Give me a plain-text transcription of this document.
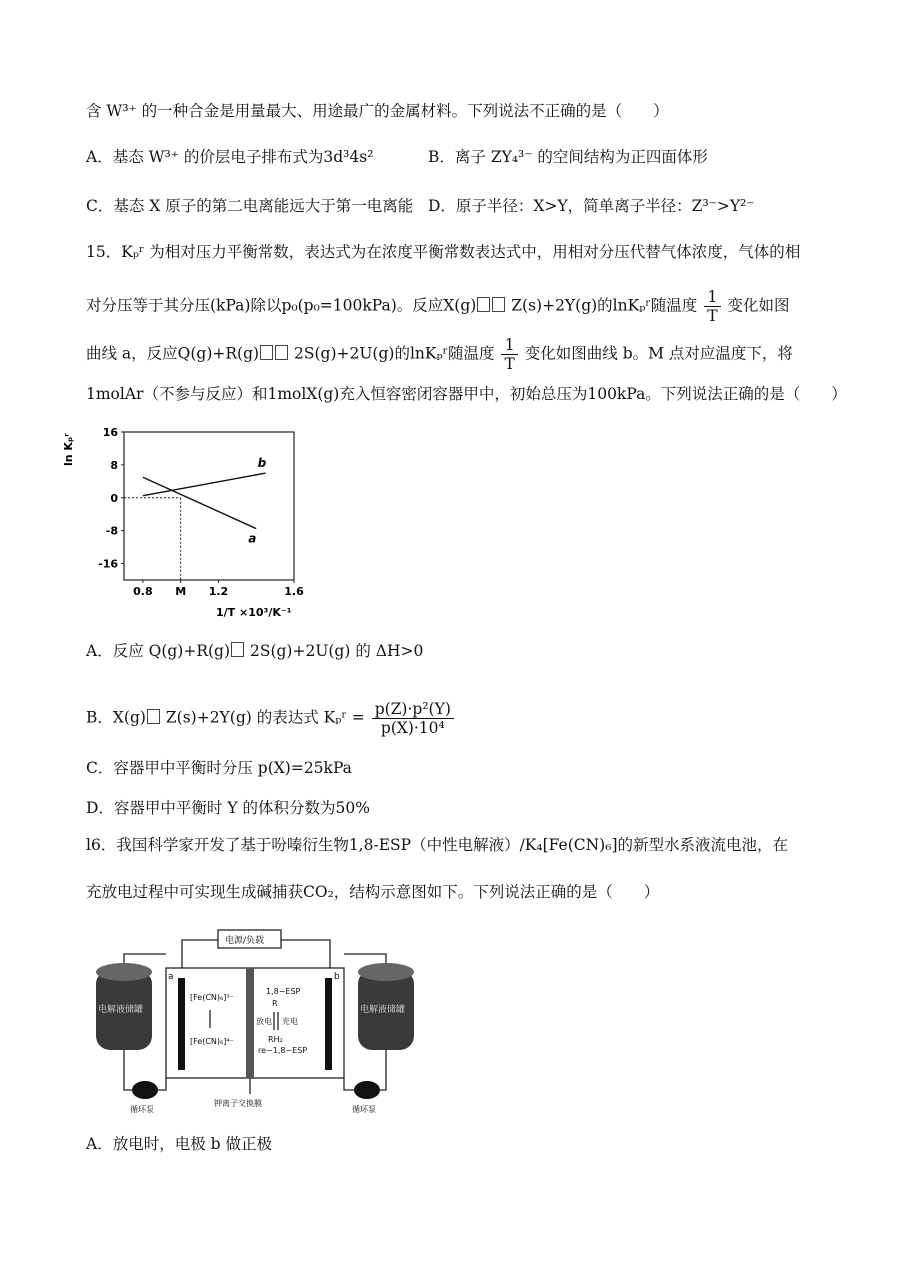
含 W³⁺ 的一种合金是用量最大、用途最广的金属材料。下列说法不正确的是（　　）
A．基态 W³⁺ 的价层电子排布式为3d³4s²	B．离子 ZY₄³⁻ 的空间结构为正四面体形
C．基态 X 原子的第二电离能远大于第一电离能 D．原子半径：X>Y，简单离子半径：Z³⁻>Y²⁻
15．Kₚʳ 为相对压力平衡常数，表达式为在浓度平衡常数表达式中，用相对分压代替气体浓度，气体的相
对分压等于其分压(kPa)除以p₀(p₀=100kPa)。反应X(g) Z(s)+2Y(g)的lnKₚʳ随温度 $\frac{1}{T}$ 变化如图
曲线 a，反应Q(g)+R(g) 2S(g)+2U(g)的lnKₚʳ随温度 $\frac{1}{T}$ 变化如图曲线 b。M 点对应温度下，将
1molAr（不参与反应）和1molX(g)充入恒容密闭容器甲中，初始总压为100kPa。下列说法正确的是（　　）
ln Kₚʳ
16
8
0
-8
-16
0.8 M 1.2	1.6
a
b
1/T ×10³/K⁻¹
A．反应 Q(g)+R(g) 2S(g)+2U(g) 的 ΔH>0
B．X(g) Z(s)+2Y(g) 的表达式 Kₚʳ = $\frac{\text{p(Z)·p²(Y)}}{\text{p(X)·10⁴}}$
C．容器甲中平衡时分压 p(X)=25kPa
D．容器甲中平衡时 Y 的体积分数为50%
l6．我国科学家开发了基于吩嗪衍生物1,8-ESP（中性电解液）/K₄[Fe(CN)₆]的新型水系液流电池，在
充放电过程中可实现生成碱捕获CO₂，结构示意图如下。下列说法正确的是（　　）
电源/负载
电解液储罐	电解液储罐
a	b
[Fe(CN)₆]³⁻
[Fe(CN)₆]⁴⁻
1,8−ESP
R
放电 充电
RH₂
re−1,8−ESP
钾离子交换膜
循环泵	循环泵
A．放电时，电极 b 做正极
